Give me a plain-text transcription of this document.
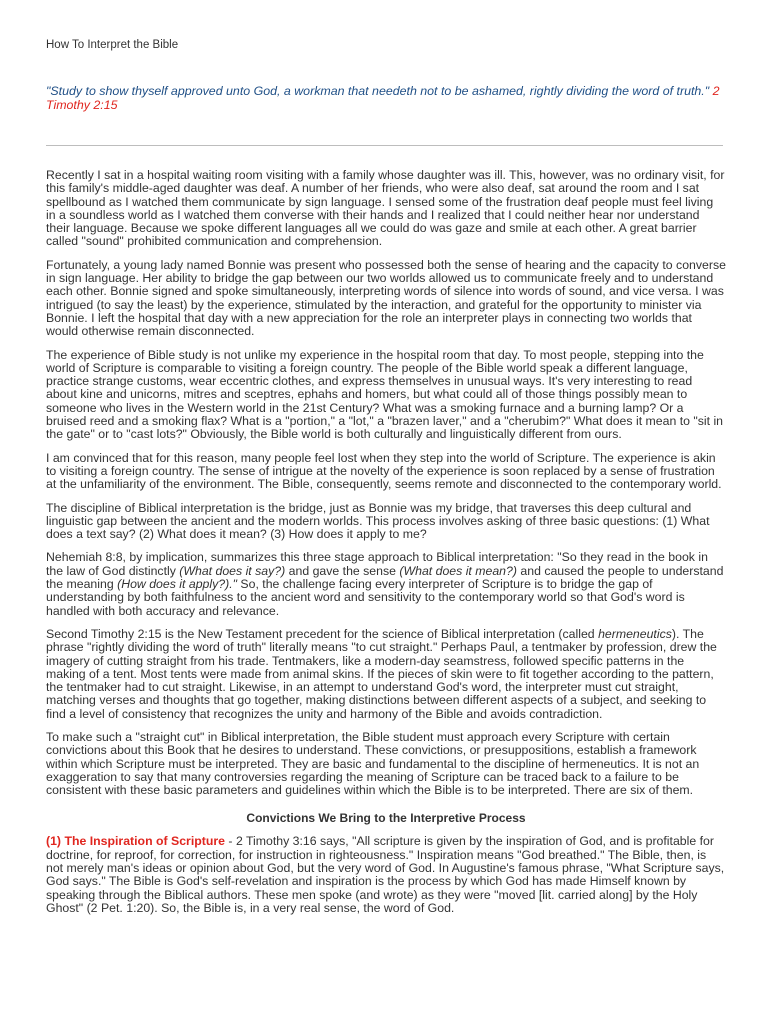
How To Interpret the Bible
"Study to show thyself approved unto God, a workman that needeth not to be ashamed, rightly dividing the word of truth." 2 Timothy 2:15

Recently I sat in a hospital waiting room visiting with a family whose daughter was ill. This, however, was no ordinary visit, for this family's middle-aged daughter was deaf. A number of her friends, who were also deaf, sat around the room and I sat spellbound as I watched them communicate by sign language. I sensed some of the frustration deaf people must feel living in a soundless world as I watched them converse with their hands and I realized that I could neither hear nor understand their language. Because we spoke different languages all we could do was gaze and smile at each other. A great barrier called "sound" prohibited communication and comprehension.

Fortunately, a young lady named Bonnie was present who possessed both the sense of hearing and the capacity to converse in sign language. Her ability to bridge the gap between our two worlds allowed us to communicate freely and to understand each other. Bonnie signed and spoke simultaneously, interpreting words of silence into words of sound, and vice versa. I was intrigued (to say the least) by the experience, stimulated by the interaction, and grateful for the opportunity to minister via Bonnie. I left the hospital that day with a new appreciation for the role an interpreter plays in connecting two worlds that would otherwise remain disconnected.

The experience of Bible study is not unlike my experience in the hospital room that day. To most people, stepping into the world of Scripture is comparable to visiting a foreign country. The people of the Bible world speak a different language, practice strange customs, wear eccentric clothes, and express themselves in unusual ways. It's very interesting to read about kine and unicorns, mitres and sceptres, ephahs and homers, but what could all of those things possibly mean to someone who lives in the Western world in the 21st Century? What was a smoking furnace and a burning lamp? Or a bruised reed and a smoking flax? What is a "portion," a "lot," a "brazen laver," and a "cherubim?" What does it mean to "sit in the gate" or to "cast lots?" Obviously, the Bible world is both culturally and linguistically different from ours.

I am convinced that for this reason, many people feel lost when they step into the world of Scripture. The experience is akin to visiting a foreign country. The sense of intrigue at the novelty of the experience is soon replaced by a sense of frustration at the unfamiliarity of the environment. The Bible, consequently, seems remote and disconnected to the contemporary world.

The discipline of Biblical interpretation is the bridge, just as Bonnie was my bridge, that traverses this deep cultural and linguistic gap between the ancient and the modern worlds. This process involves asking of three basic questions: (1) What does a text say? (2) What does it mean? (3) How does it apply to me?

Nehemiah 8:8, by implication, summarizes this three stage approach to Biblical interpretation: "So they read in the book in the law of God distinctly (What does it say?) and gave the sense (What does it mean?) and caused the people to understand the meaning (How does it apply?)." So, the challenge facing every interpreter of Scripture is to bridge the gap of understanding by both faithfulness to the ancient word and sensitivity to the contemporary world so that God's word is handled with both accuracy and relevance.

Second Timothy 2:15 is the New Testament precedent for the science of Biblical interpretation (called hermeneutics). The phrase "rightly dividing the word of truth" literally means "to cut straight." Perhaps Paul, a tentmaker by profession, drew the imagery of cutting straight from his trade. Tentmakers, like a modern-day seamstress, followed specific patterns in the making of a tent. Most tents were made from animal skins. If the pieces of skin were to fit together according to the pattern, the tentmaker had to cut straight. Likewise, in an attempt to understand God's word, the interpreter must cut straight, matching verses and thoughts that go together, making distinctions between different aspects of a subject, and seeking to find a level of consistency that recognizes the unity and harmony of the Bible and avoids contradiction.

To make such a "straight cut" in Biblical interpretation, the Bible student must approach every Scripture with certain convictions about this Book that he desires to understand. These convictions, or presuppositions, establish a framework within which Scripture must be interpreted. They are basic and fundamental to the discipline of hermeneutics. It is not an exaggeration to say that many controversies regarding the meaning of Scripture can be traced back to a failure to be consistent with these basic parameters and guidelines within which the Bible is to be interpreted. There are six of them.

Convictions We Bring to the Interpretive Process

(1) The Inspiration of Scripture - 2 Timothy 3:16 says, "All scripture is given by the inspiration of God, and is profitable for doctrine, for reproof, for correction, for instruction in righteousness." Inspiration means "God breathed." The Bible, then, is not merely man's ideas or opinion about God, but the very word of God. In Augustine's famous phrase, "What Scripture says, God says." The Bible is God's self-revelation and inspiration is the process by which God has made Himself known by speaking through the Biblical authors. These men spoke (and wrote) as they were "moved [lit. carried along] by the Holy Ghost" (2 Pet. 1:20). So, the Bible is, in a very real sense, the word of God.
